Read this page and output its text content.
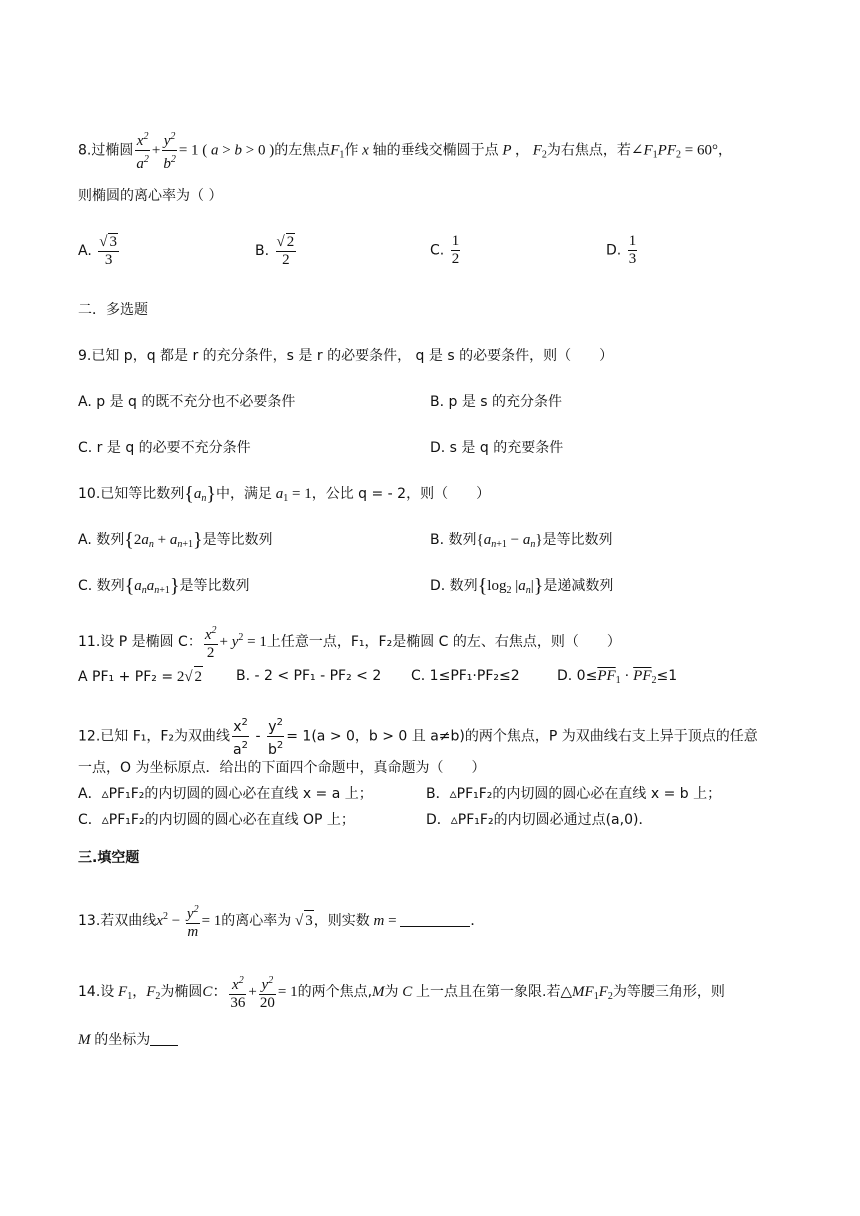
8.过椭圆 $\frac{x^2}{a^2} + \frac{y^2}{b^2} = 1$ ( a > b > 0 )的左焦点$F_1$作 x 轴的垂线交椭圆于点 P ， $F_2$为右焦点，若$\angle F_1PF_2 = 60^\circ$，
则椭圆的离心率为（ ）
A. $\frac{√ 3}{3}$	B. $\frac{√ 2}{2}$	C. $\frac{1}{2}$	D. $\frac{1}{3}$
二．多选题
9.已知 p，q 都是 r 的充分条件，s 是 r 的必要条件， q 是 s 的必要条件，则（　　）
A. p 是 q 的既不充分也不必要条件	B. p 是 s 的充分条件
C. r 是 q 的必要不充分条件	D. s 是 q 的充要条件
10.已知等比数列$\{a_n\}$中，满足 $a_1 = 1$，公比 q = - 2，则（　　）
A. 数列$\{2a_n + a_{n+1}\}$是等比数列	B. 数列$\{a_{n+1} - a_n\}$是等比数列
C. 数列$\{a_na_{n+1}\}$是等比数列	D. 数列{$\log_2$ $|a_n|$}是递减数列
11.设 P 是椭圆 C： $\frac{x^2}{2} + y^2 = 1$上任意一点，F₁，F₂是椭圆 C 的左、右焦点，则（　　）
A PF₁ + PF₂ = 2√ 2 B. - 2 < PF₁ - PF₂ < 2 C. 1≤PF₁·PF₂≤2	D. $0\le\overline{PF}_1 \cdot \overline{PF}_2\le 1$
12.已知 F₁，F₂为双曲线 $\frac{x^2}{a^2} - \frac{y^2}{b^2} = 1(a > 0$，b > 0 且 a≠b)的两个焦点，P 为双曲线右支上异于顶点的任意
一点，O 为坐标原点．给出的下面四个命题中，真命题为（　　）
A．▵PF₁F₂的内切圆的圆心必在直线 x = a 上；	B．▵PF₁F₂的内切圆的圆心必在直线 x = b 上；
C．▵PF₁F₂的内切圆的圆心必在直线 OP 上；	D．▵PF₁F₂的内切圆必通过点(a,0)．
三.填空题
13.若双曲线$x^2 - \frac{y^2}{m} = 1$的离心率为 √ 3，则实数 m =	．
14.设 $F_1$，$F_2$为椭圆C： $\frac{x^2}{36} + \frac{y^2}{20} = 1$的两个焦点,M为 C 上一点且在第一象限.若$\triangle MF_1F_2$为等腰三角形，则
M 的坐标为
